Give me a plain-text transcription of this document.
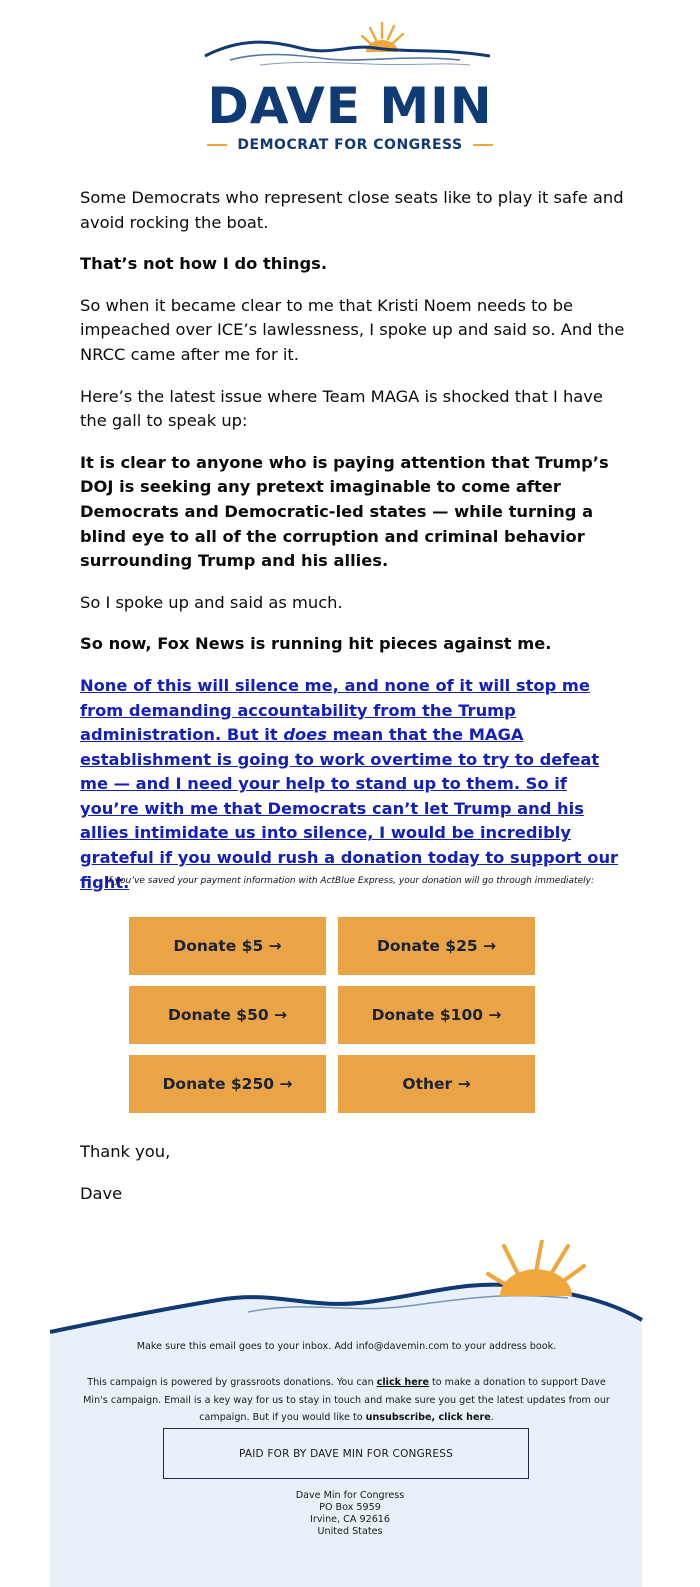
DAVE MIN
DEMOCRAT FOR CONGRESS

Some Democrats who represent close seats like to play it safe and avoid rocking the boat.

That’s not how I do things.

So when it became clear to me that Kristi Noem needs to be impeached over ICE’s lawlessness, I spoke up and said so. And the NRCC came after me for it.

Here’s the latest issue where Team MAGA is shocked that I have the gall to speak up:

It is clear to anyone who is paying attention that Trump’s DOJ is seeking any pretext imaginable to come after Democrats and Democratic-led states — while turning a blind eye to all of the corruption and criminal behavior surrounding Trump and his allies.

So I spoke up and said as much.

So now, Fox News is running hit pieces against me.

None of this will silence me, and none of it will stop me from demanding accountability from the Trump administration. But it does mean that the MAGA establishment is going to work overtime to try to defeat me — and I need your help to stand up to them. So if you’re with me that Democrats can’t let Trump and his allies intimidate us into silence, I would be incredibly grateful if you would rush a donation today to support our fight.

If you’ve saved your payment information with ActBlue Express, your donation will go through immediately:
Donate $5 →	Donate $25 →
Donate $50 →	Donate $100 →
Donate $250 →	Other →

Thank you,

Dave

Make sure this email goes to your inbox. Add info@davemin.com to your address book.
This campaign is powered by grassroots donations. You can click here to make a donation to support Dave Min's campaign. Email is a key way for us to stay in touch and make sure you get the latest updates from our campaign. But if you would like to unsubscribe, click here.
PAID FOR BY DAVE MIN FOR CONGRESS
Dave Min for Congress
PO Box 5959
Irvine, CA 92616
United States
